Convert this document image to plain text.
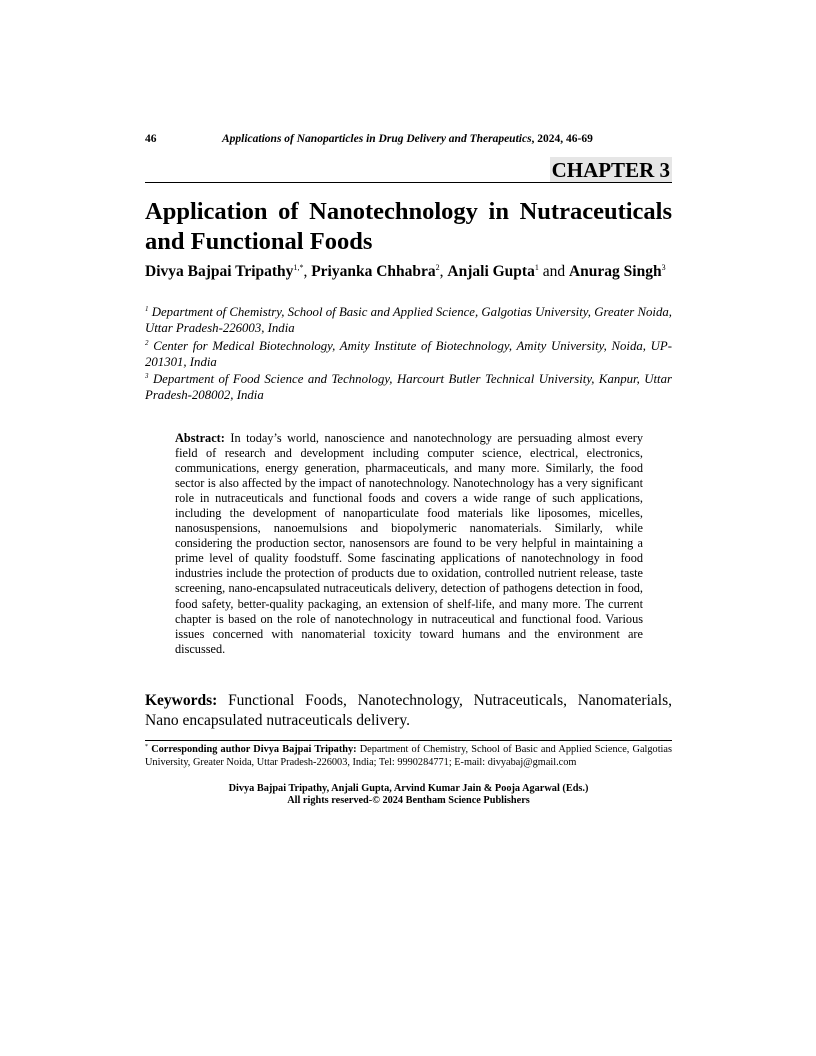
46	Applications of Nanoparticles in Drug Delivery and Therapeutics, 2024, 46-69
CHAPTER 3
Application of Nanotechnology in Nutraceuticals
and Functional Foods
Divya Bajpai Tripathy$^{1,*}$, Priyanka Chhabra$^2$, Anjali Gupta$^1$ and Anurag Singh$^3$
$^1$ Department of Chemistry, School of Basic and Applied Science, Galgotias University, Greater Noida, Uttar Pradesh-226003, India
$^2$ Center for Medical Biotechnology, Amity Institute of Biotechnology, Amity University, Noida, UP-201301, India
$^3$ Department of Food Science and Technology, Harcourt Butler Technical University, Kanpur, Uttar Pradesh-208002, India
Abstract: In today’s world, nanoscience and nanotechnology are persuading almost every field of research and development including computer science, electrical, electronics, communications, energy generation, pharmaceuticals, and many more. Similarly, the food sector is also affected by the impact of nanotechnology. Nanotechnology has a very significant role in nutraceuticals and functional foods and covers a wide range of such applications, including the development of nanoparticulate food materials like liposomes, micelles, nanosuspensions, nanoemulsions and biopolymeric nanomaterials. Similarly, while considering the production sector, nanosensors are found to be very helpful in maintaining a prime level of quality foodstuff. Some fascinating applications of nanotechnology in food industries include the protection of products due to oxidation, controlled nutrient release, taste screening, nano-encapsulated nutraceuticals delivery, detection of pathogens detection in food, food safety, better-quality packaging, an extension of shelf-life, and many more. The current chapter is based on the role of nanotechnology in nutraceutical and functional food. Various issues concerned with nanomaterial toxicity toward humans and the environment are discussed.
Keywords: Functional Foods, Nanotechnology, Nutraceuticals, Nanomaterials, Nano encapsulated nutraceuticals delivery.
* Corresponding author Divya Bajpai Tripathy: Department of Chemistry, School of Basic and Applied Science, Galgotias University, Greater Noida, Uttar Pradesh-226003, India; Tel: 9990284771; E-mail: divyabaj@gmail.com
Divya Bajpai Tripathy, Anjali Gupta, Arvind Kumar Jain & Pooja Agarwal (Eds.)
All rights reserved-© 2024 Bentham Science Publishers
